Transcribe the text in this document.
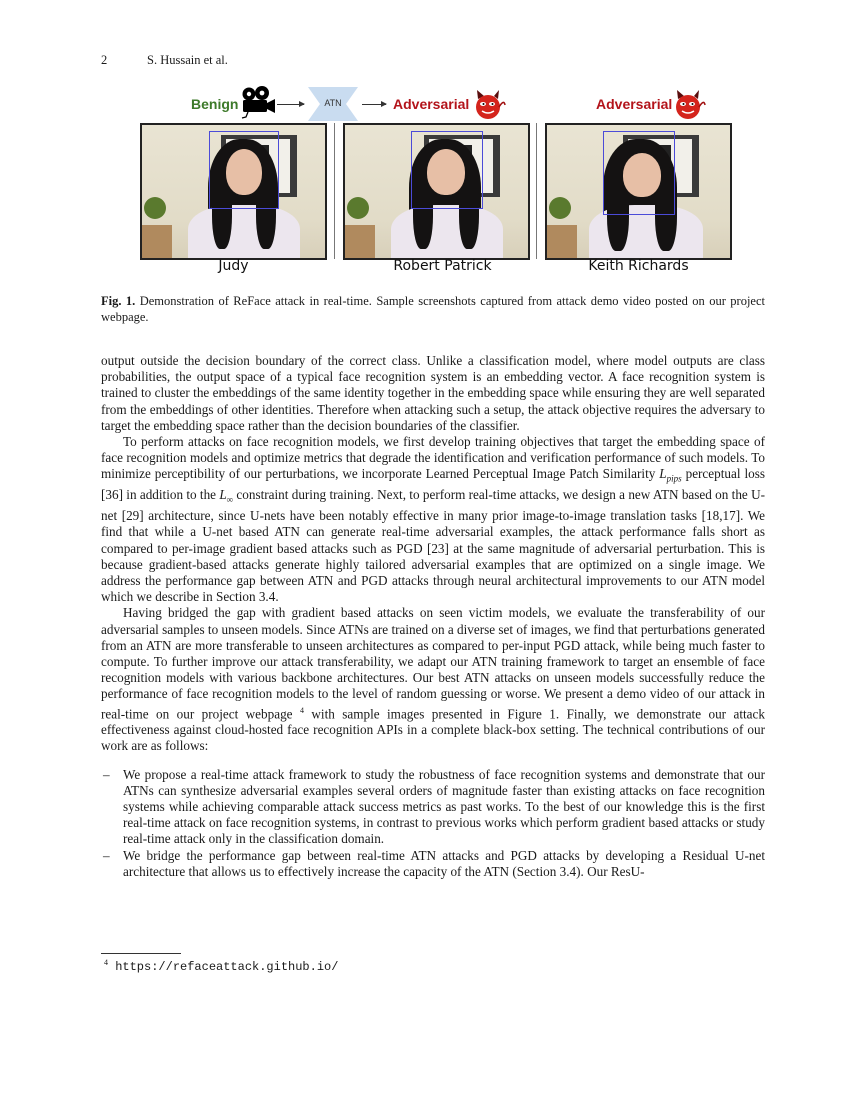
2	S. Hussain et al.
Benign	ATN	Adversarial	Adversarial
Judy	Robert Patrick	Keith Richards
Fig. 1. Demonstration of ReFace attack in real-time. Sample screenshots captured from attack demo video posted on our project webpage.

output outside the decision boundary of the correct class. Unlike a classification model, where model outputs are class probabilities, the output space of a typical face recognition system is an embedding vector. A face recognition system is trained to cluster the embeddings of the same identity together in the embedding space while ensuring they are well separated from the embeddings of other identities. Therefore when attacking such a setup, the attack objective requires the adversary to target the embedding space rather than the decision boundaries of the classifier.

To perform attacks on face recognition models, we first develop training objectives that target the embedding space of face recognition models and optimize metrics that degrade the identification and verification performance of such models. To minimize perceptibility of our perturbations, we incorporate Learned Perceptual Image Patch Similarity $L_{pips}$ perceptual loss [36] in addition to the $L_\infty$ constraint during training. Next, to perform real-time attacks, we design a new ATN based on the U-net [29] architecture, since U-nets have been notably effective in many prior image-to-image translation tasks [18,17]. We find that while a U-net based ATN can generate real-time adversarial examples, the attack performance falls short as compared to per-image gradient based attacks such as PGD [23] at the same magnitude of adversarial perturbation. This is because gradient-based attacks generate highly tailored adversarial examples that are optimized on a single image. We address the performance gap between ATN and PGD attacks through neural architectural improvements to our ATN model which we describe in Section 3.4.

Having bridged the gap with gradient based attacks on seen victim models, we evaluate the transferability of our adversarial samples to unseen models. Since ATNs are trained on a diverse set of images, we find that perturbations generated from an ATN are more transferable to unseen architectures as compared to per-input PGD attack, while being much faster to compute. To further improve our attack transferability, we adapt our ATN training framework to target an ensemble of face recognition models with various backbone architectures. Our best ATN attacks on unseen models successfully reduce the performance of face recognition models to the level of random guessing or worse. We present a demo video of our attack in real-time on our project webpage $^4$ with sample images presented in Figure 1. Finally, we demonstrate our attack effectiveness against cloud-hosted face recognition APIs in a complete black-box setting. The technical contributions of our work are as follows:

– We propose a real-time attack framework to study the robustness of face recognition systems and demonstrate that our ATNs can synthesize adversarial examples several orders of magnitude faster than existing attacks on face recognition systems while achieving comparable attack success metrics as past works. To the best of our knowledge this is the first real-time attack on face recognition systems, in contrast to previous works which perform gradient based attacks or study real-time attack only in the classification domain.
– We bridge the performance gap between real-time ATN attacks and PGD attacks by developing a Residual U-net architecture that allows us to effectively increase the capacity of the ATN (Section 3.4). Our ResU-
$^4$ https://refaceattack.github.io/
